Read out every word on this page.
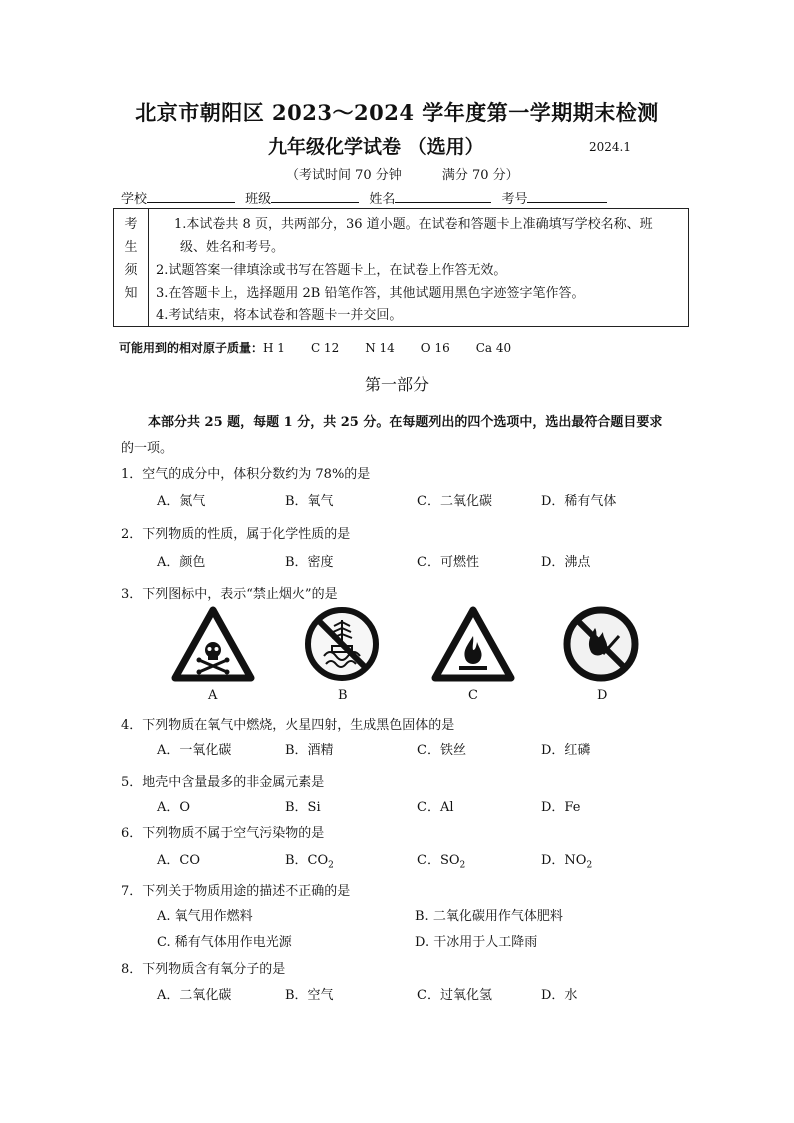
北京市朝阳区 2023～2024 学年度第一学期期末检测
九年级化学试卷 （选用）	2024.1
（考试时间 70 分钟	满分 70 分）
学校	班级	姓名	考号
考
生
须
知
1.本试卷共 8 页，共两部分，36 道小题。在试卷和答题卡上准确填写学校名称、班
级、姓名和考号。
2.试题答案一律填涂或书写在答题卡上，在试卷上作答无效。
3.在答题卡上，选择题用 2B 铅笔作答，其他试题用黑色字迹签字笔作答。
4.考试结束，将本试卷和答题卡一并交回。
可能用到的相对原子质量：H 1 C 12 N 14 O 16 Ca 40
第一部分
本部分共 25 题，每题 1 分，共 25 分。在每题列出的四个选项中，选出最符合题目要求
的一项。
1．空气的成分中，体积分数约为 78%的是
A．氮气	B．氧气	C．二氧化碳	D．稀有气体
2．下列物质的性质，属于化学性质的是
A．颜色	B．密度	C．可燃性	D．沸点
3．下列图标中，表示“禁止烟火”的是
A	B	C	D
4．下列物质在氧气中燃烧，火星四射，生成黑色固体的是
A．一氧化碳	B．酒精	C．铁丝	D．红磷
5．地壳中含量最多的非金属元素是
A．O	B．Si	C．Al	D．Fe
6．下列物质不属于空气污染物的是
A．CO	B．$CO_2$	C．$SO_2$	D．$NO_2$
7．下列关于物质用途的描述不正确的是
A. 氧气用作燃料	B. 二氧化碳用作气体肥料
C. 稀有气体用作电光源	D. 干冰用于人工降雨
8．下列物质含有氧分子的是
A．二氧化碳	B．空气	C．过氧化氢	D．水
